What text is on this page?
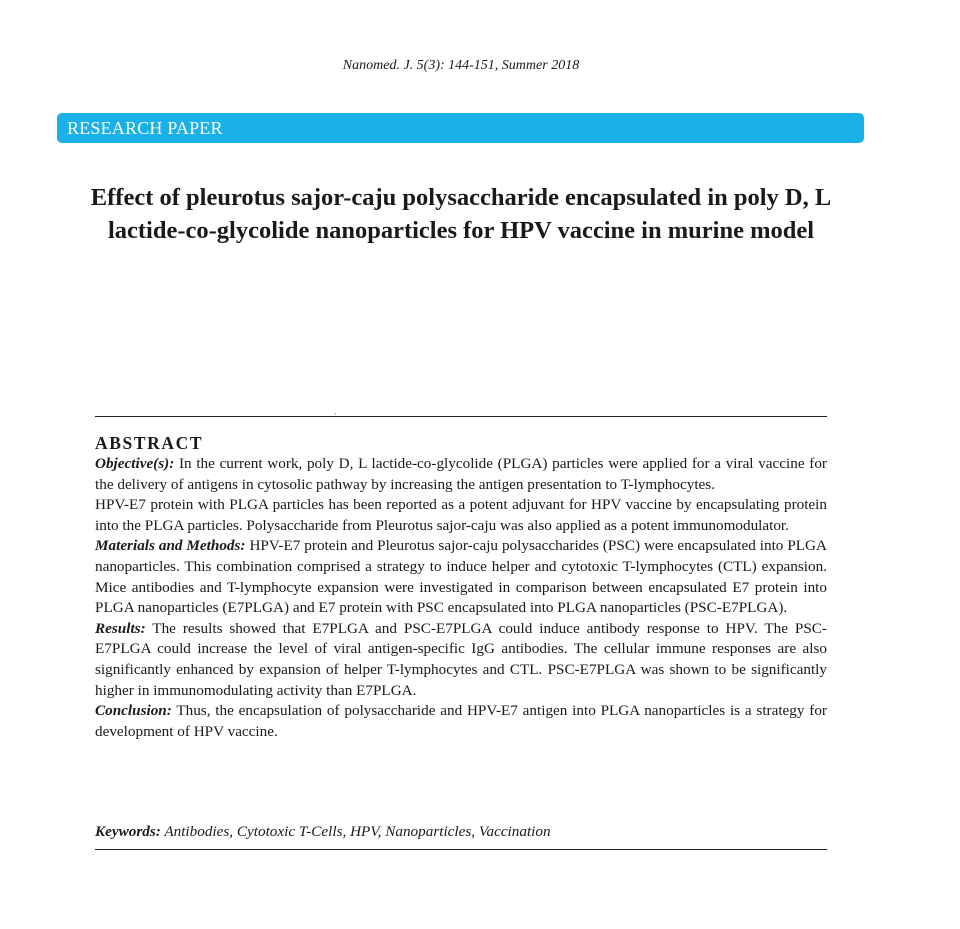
Nanomed. J. 5(3): 144-151, Summer 2018
RESEARCH PAPER
Effect of pleurotus sajor-caju polysaccharide encapsulated in poly D, L lactide-co-glycolide nanoparticles for HPV vaccine in murine model
ˏ
ABSTRACT

Objective(s): In the current work, poly D, L lactide-co-glycolide (PLGA) particles were applied for a viral vaccine for the delivery of antigens in cytosolic pathway by increasing the antigen presentation to T-lymphocytes.

HPV-E7 protein with PLGA particles has been reported as a potent adjuvant for HPV vaccine by encapsulating protein into the PLGA particles. Polysaccharide from Pleurotus sajor-caju was also applied as a potent immunomodulator.

Materials and Methods: HPV-E7 protein and Pleurotus sajor-caju polysaccharides (PSC) were encapsulated into PLGA nanoparticles. This combination comprised a strategy to induce helper and cytotoxic T-lymphocytes (CTL) expansion. Mice antibodies and T-lymphocyte expansion were investigated in comparison between encapsulated E7 protein into PLGA nanoparticles (E7PLGA) and E7 protein with PSC encapsulated into PLGA nanoparticles (PSC-E7PLGA).

Results: The results showed that E7PLGA and PSC-E7PLGA could induce antibody response to HPV. The PSC-E7PLGA could increase the level of viral antigen-specific IgG antibodies. The cellular immune responses are also significantly enhanced by expansion of helper T-lymphocytes and CTL. PSC-E7PLGA was shown to be significantly higher in immunomodulating activity than E7PLGA.

Conclusion: Thus, the encapsulation of polysaccharide and HPV-E7 antigen into PLGA nanoparticles is a strategy for development of HPV vaccine.

Keywords: Antibodies, Cytotoxic T-Cells, HPV, Nanoparticles, Vaccination
